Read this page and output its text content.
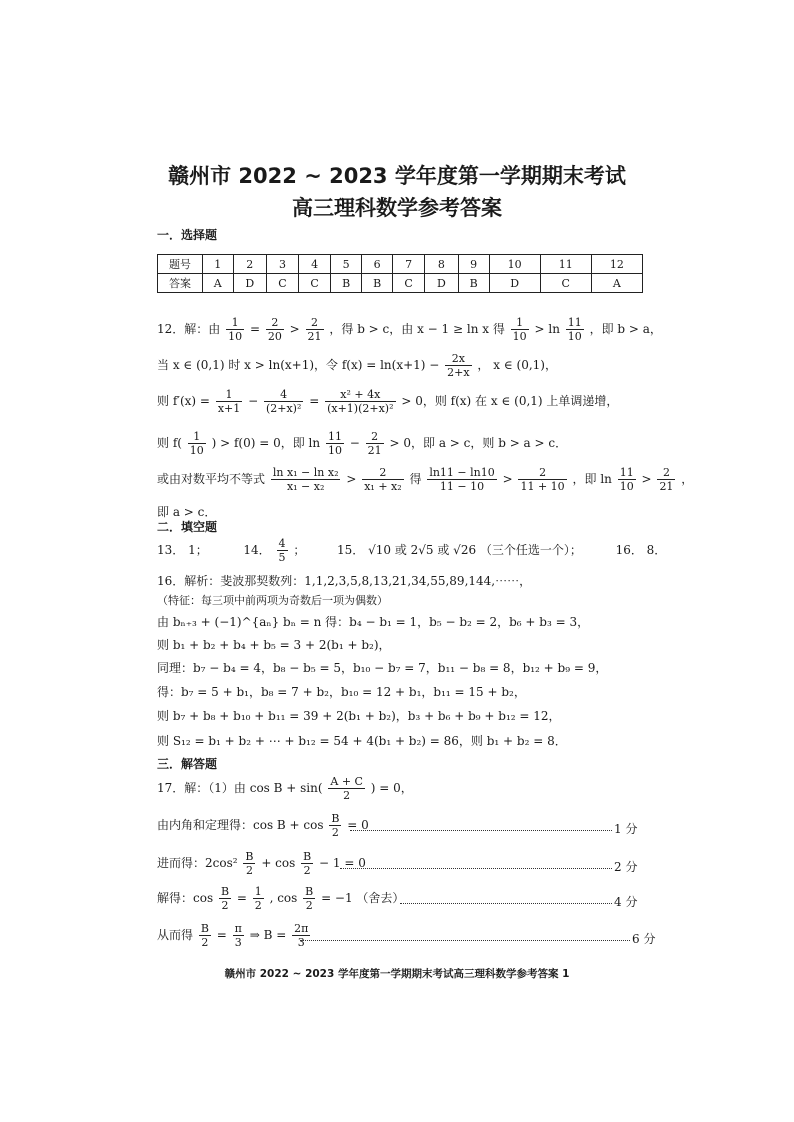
赣州市 2022 ~ 2023 学年度第一学期期末考试
高三理科数学参考答案
一．选择题
题号	1	2	3	4	5	6	7	8	9	10	11	12
答案	A	D	C	C	B	B	C	D	B	D	C	A
12．解：由 $\frac{1}{10} = \frac{2}{20} > \frac{2}{21}$ ，得 b > c，由 x − 1 ≥ ln x 得 $\frac{1}{10} > \ln \frac{11}{10}$ ，即 b > a，
当 x ∈ (0,1) 时 x > ln(x+1)，令 $f(x) = \ln(x+1) - \frac{2x}{2+x}$ ， x ∈ (0,1)，
则 $f'(x) = \frac{1}{x+1} - \frac{4}{\text{(2+x)²}} = \frac{\text{x² + 4x}}{\text{(x+1)(2+x)²}} > 0$，则 f(x) 在 x ∈ (0,1) 上单调递增，
则 $f( \frac{1}{10}$ ) > f(0) = 0，即 $\ln \frac{11}{10} - \frac{2}{21} > 0$，即 a > c，则 b > a > c．
或由对数平均不等式 $\frac{\text{ln x₁ − ln x₂}}{\text{x₁ − x₂}} > \frac{2}{\text{x₁ + x₂}}$ 得 $\frac{\ln 11 - \ln 10}{11 - 10} > \frac{2}{11 + 10}$ ，即 $\ln \frac{11}{10} > \frac{2}{21}$ ，
即 a > c．
二．填空题
13． 1；	14． $\frac{4}{5}$ ；	15． √10 或 2√5 或 √26 （三个任选一个）；	16． 8．
16．解析：斐波那契数列：1,1,2,3,5,8,13,21,34,55,89,144,⋯⋯，
（特征：每三项中前两项为奇数后一项为偶数）
由 bₙ₊₃ + (−1)^{aₙ} bₙ = n 得：b₄ − b₁ = 1，b₅ − b₂ = 2，b₆ + b₃ = 3，
则 b₁ + b₂ + b₄ + b₅ = 3 + 2(b₁ + b₂)，
同理：b₇ − b₄ = 4，b₈ − b₅ = 5，b₁₀ − b₇ = 7，b₁₁ − b₈ = 8，b₁₂ + b₉ = 9，
得：b₇ = 5 + b₁，b₈ = 7 + b₂，b₁₀ = 12 + b₁，b₁₁ = 15 + b₂，
则 b₇ + b₈ + b₁₀ + b₁₁ = 39 + 2(b₁ + b₂)，b₃ + b₆ + b₉ + b₁₂ = 12，
则 S₁₂ = b₁ + b₂ + ⋯ + b₁₂ = 54 + 4(b₁ + b₂) = 86，则 b₁ + b₂ = 8．
三．解答题
17．解：（1）由 $\cos B + \sin( \frac{A + C}{2}$ ) = 0，
由内角和定理得：$\cos B + \cos \frac{B}{2} = 0$	1 分
进而得：$2\cos^2 \frac{B}{2} + \cos \frac{B}{2} - 1 = 0$	2 分
解得：$\cos \frac{B}{2} = \frac{1}{2}$ , $\cos \frac{B}{2} = -1$ （舍去）	4 分
从而得 $\frac{B}{2} = \frac{\pi}{3}$ ⇒ $B = \frac{2\pi}{3}$	6 分
赣州市 2022 ~ 2023 学年度第一学期期末考试高三理科数学参考答案 1
